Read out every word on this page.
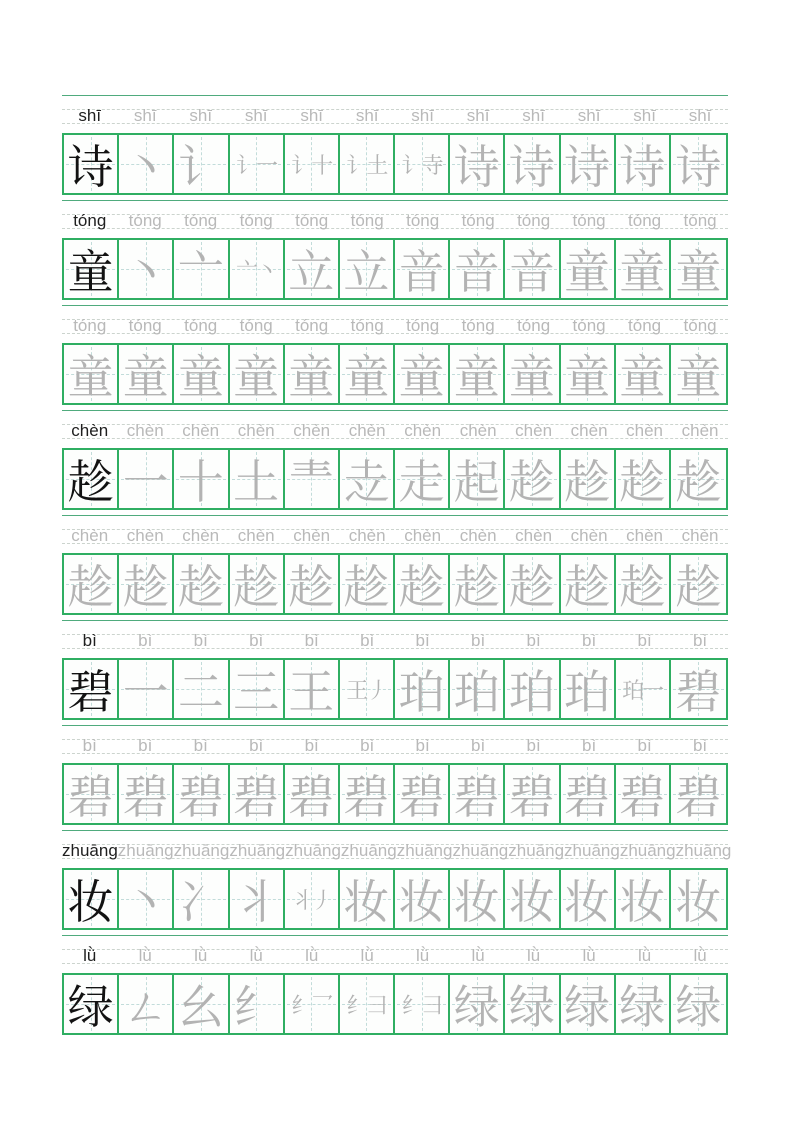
shī	shī	shī	shī	shī	shī	shī	shī	shī	shī	shī	shī
诗 丶 讠 讠一 讠十 讠土 讠寺 诗 诗 诗 诗 诗
tóng	tóng	tóng	tóng	tóng	tóng	tóng	tóng	tóng	tóng	tóng	tóng
童 丶 亠 亠丶 立 立 音 音 音 童 童 童
tóng	tóng	tóng	tóng	tóng	tóng	tóng	tóng	tóng	tóng	tóng	tóng
童 童 童 童 童 童 童 童 童 童 童 童
chèn	chèn	chèn	chèn	chèn	chèn	chèn	chèn	chèn	chèn	chèn	chèn
趁 一 十 土 龶 赱 走 起 趁 趁 趁 趁
chèn	chèn	chèn	chèn	chèn	chèn	chèn	chèn	chèn	chèn	chèn	chèn
趁 趁 趁 趁 趁 趁 趁 趁 趁 趁 趁 趁
bì	bì	bì	bì	bì	bì	bì	bì	bì	bì	bì	bì
碧 一 二 三 王 王丿 珀 珀 珀 珀 珀一 碧
bì	bì	bì	bì	bì	bì	bì	bì	bì	bì	bì	bì
碧 碧 碧 碧 碧 碧 碧 碧 碧 碧 碧 碧
zhuāng zhuāng zhuāng zhuāng zhuāng zhuāng zhuāng zhuāng zhuāng zhuāng zhuāng zhuāng
妆 丶 冫 丬 丬丿 妆 妆 妆 妆 妆 妆 妆
lǜ	lǜ	lǜ	lǜ	lǜ	lǜ	lǜ	lǜ	lǜ	lǜ	lǜ	lǜ
绿 ㄥ 幺 纟 纟乛 纟彐 纟彐 绿 绿 绿 绿 绿
